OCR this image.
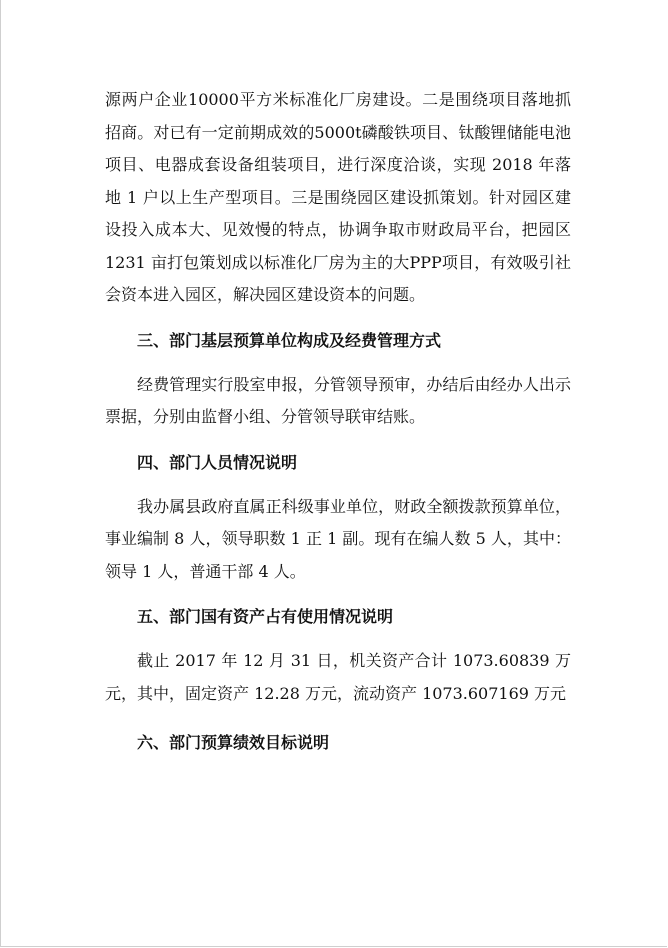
源两户企业10000平方米标准化厂房建设。二是围绕项目落地抓招商。对已有一定前期成效的5000t磷酸铁项目、钛酸锂储能电池项目、电器成套设备组装项目，进行深度洽谈，实现 2018 年落地 1 户以上生产型项目。三是围绕园区建设抓策划。针对园区建设投入成本大、见效慢的特点，协调争取市财政局平台，把园区 1231 亩打包策划成以标准化厂房为主的大PPP项目，有效吸引社会资本进入园区，解决园区建设资本的问题。

三、部门基层预算单位构成及经费管理方式

经费管理实行股室申报，分管领导预审，办结后由经办人出示票据，分别由监督小组、分管领导联审结账。

四、部门人员情况说明

我办属县政府直属正科级事业单位，财政全额拨款预算单位，事业编制 8 人，领导职数 1 正 1 副。现有在编人数 5 人，其中：领导 1 人，普通干部 4 人。

五、部门国有资产占有使用情况说明

截止 2017 年 12 月 31 日，机关资产合计 1073.60839 万元，其中，固定资产 12.28 万元，流动资产 1073.607169 万元

六、部门预算绩效目标说明
